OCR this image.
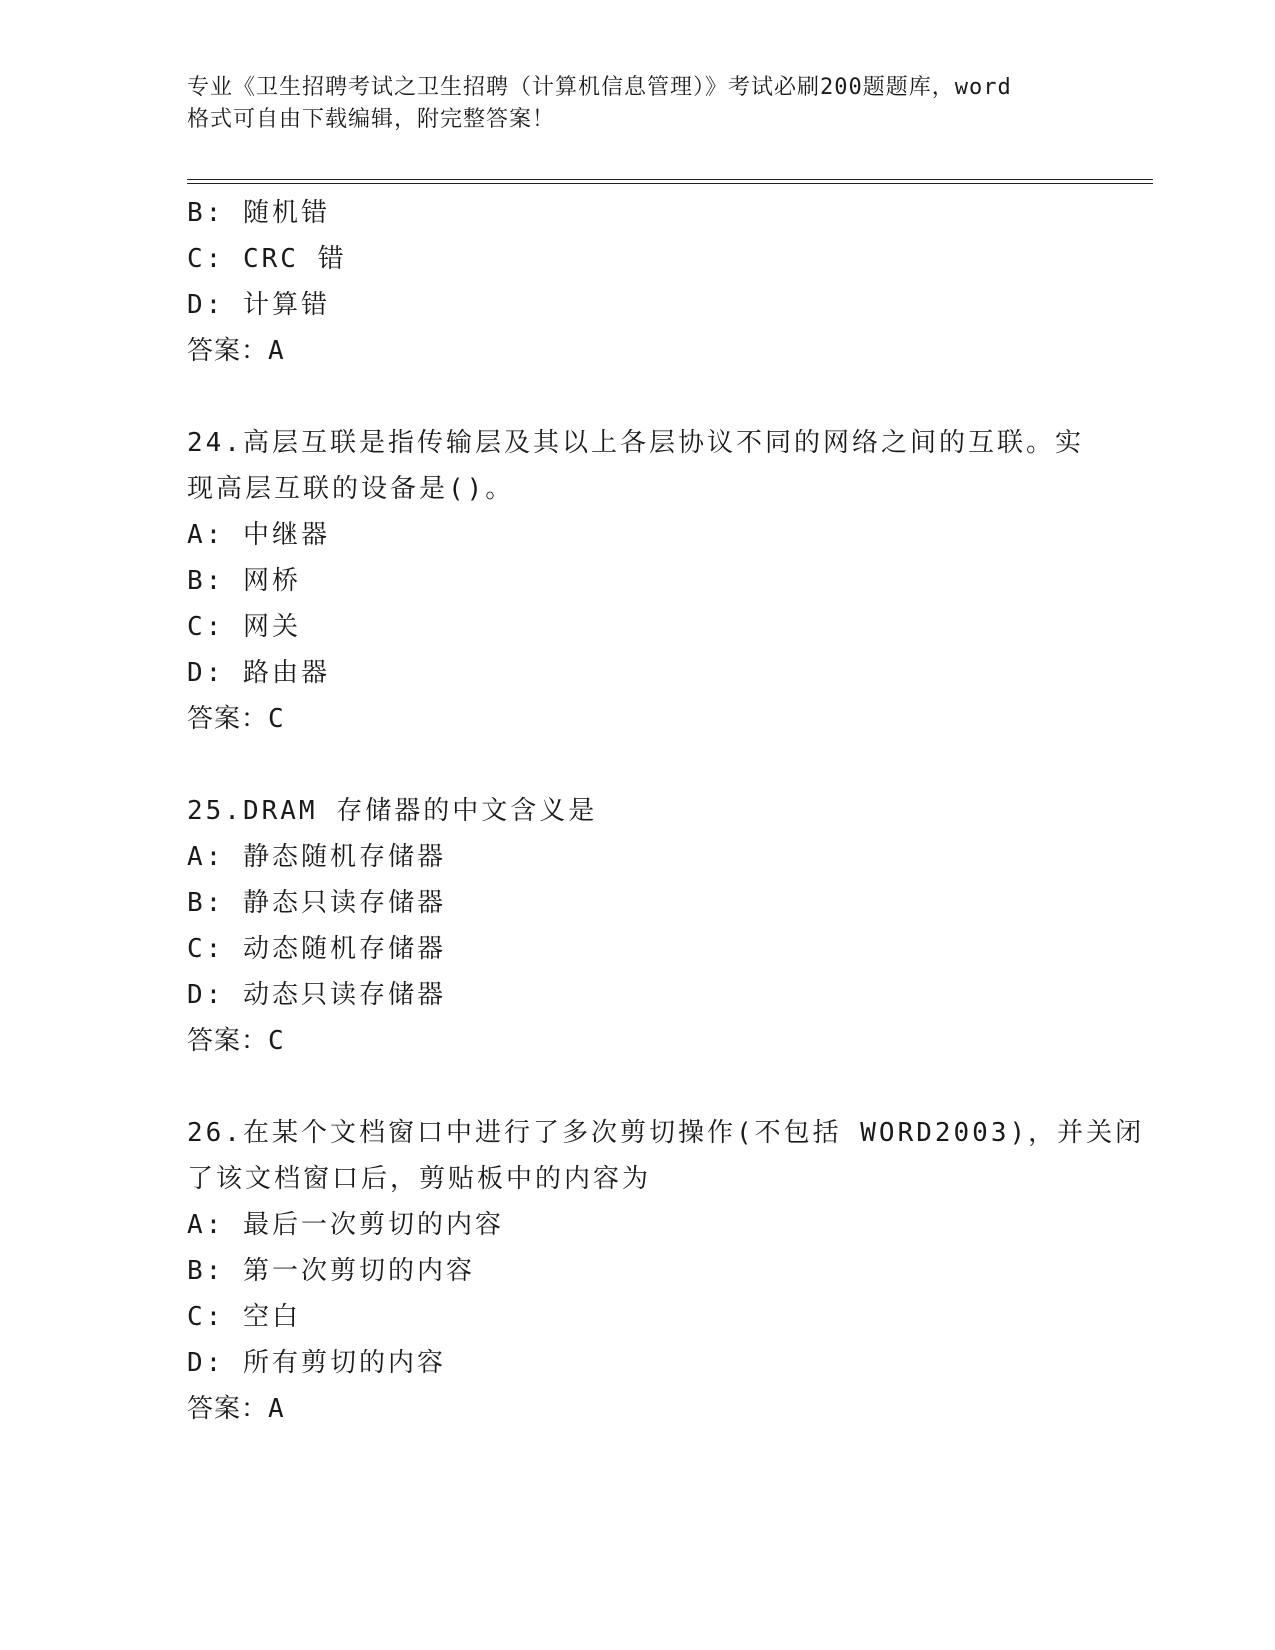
专业《卫生招聘考试之卫生招聘（计算机信息管理）》考试必刷200题题库，word
格式可自由下载编辑，附完整答案！
B: 随机错
C: CRC 错
D: 计算错
答案：A
24.高层互联是指传输层及其以上各层协议不同的网络之间的互联。实
现高层互联的设备是()。
A: 中继器
B: 网桥
C: 网关
D: 路由器
答案：C
25.DRAM 存储器的中文含义是
A: 静态随机存储器
B: 静态只读存储器
C: 动态随机存储器
D: 动态只读存储器
答案：C
26.在某个文档窗口中进行了多次剪切操作(不包括 WORD2003)，并关闭
了该文档窗口后，剪贴板中的内容为
A: 最后一次剪切的内容
B: 第一次剪切的内容
C: 空白
D: 所有剪切的内容
答案：A
